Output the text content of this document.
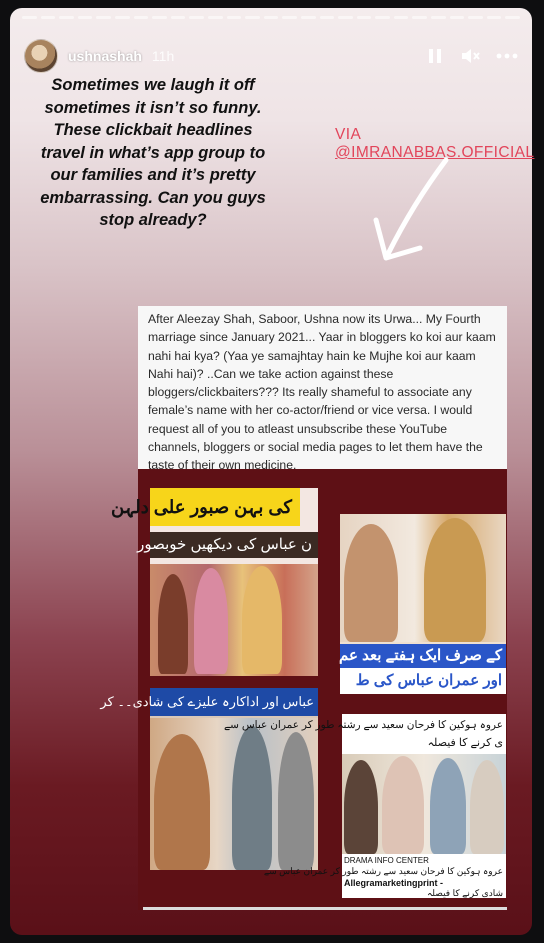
ushnashah 11h
Sometimes we laugh it off sometimes it isn’t so funny. These clickbait headlines travel in what’s app group to our families and it’s pretty embarrassing. Can you guys stop already?
VIA @IMRANABBAS.OFFICIAL

After Aleezay Shah, Saboor, Ushna now its Urwa... My Fourth marriage since January 2021... Yaar in bloggers ko koi aur kaam nahi hai kya? (Yaa ye samajhtay hain ke Mujhe koi aur kaam Nahi hai)? ..Can we take action against these bloggers/clickbaiters??? Its really shameful to associate any female’s name with her co-actor/friend or vice versa. I would request all of you to atleast unsubscribe these YouTube channels, bloggers or social media pages to let them have the taste of their own medicine.

کی بہن صبور علی دلہن
ن عباس کی دیکھیں خوبصور
کے صرف ایک ہفتے بعد عم
اور عمران عباس کی ط
عباس اور اداکارہ علیزے کی شادی۔۔ کر
عروہ ہوکین کا فرحان سعید سے رشتہ طور کر عمران عباس سے
ی کرنے کا فیصلہ
DRAMA INFO CENTER
عروہ ہوکین کا فرحان سعید سے رشتہ طور کر عمران عباس سے
Allegramarketingprint -
شادی کرنے کا فیصلہ
